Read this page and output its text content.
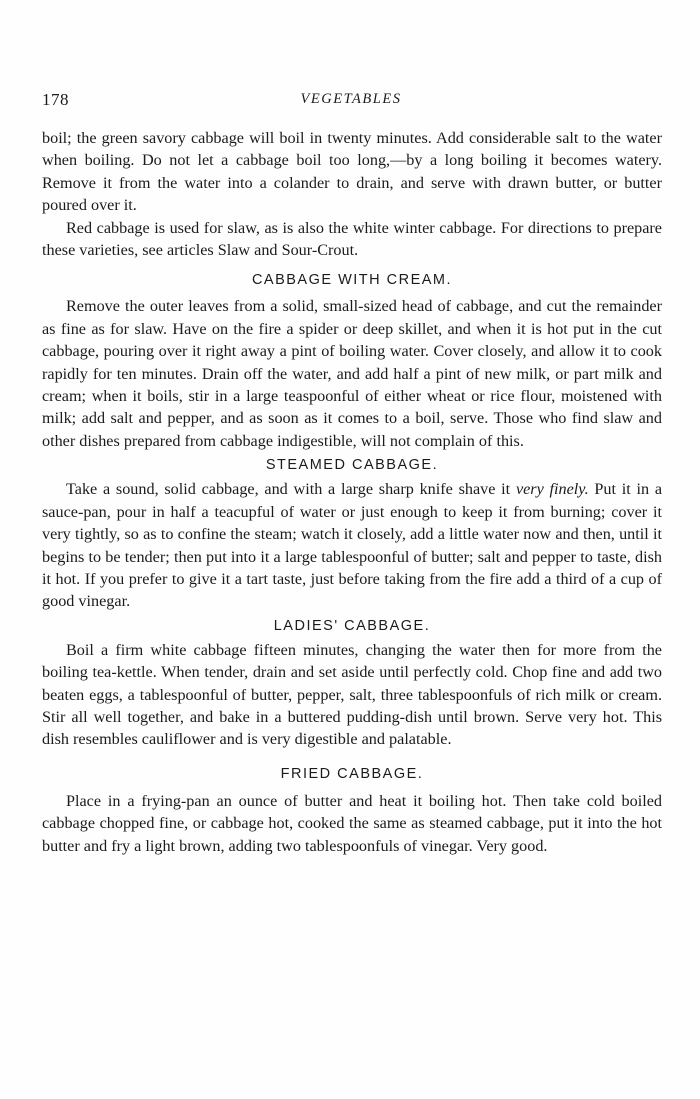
178	VEGETABLES

boil; the green savory cabbage will boil in twenty minutes. Add considerable salt to the water when boiling. Do not let a cabbage boil too long,—by a long boiling it becomes watery. Remove it from the water into a colander to drain, and serve with drawn butter, or butter poured over it.

Red cabbage is used for slaw, as is also the white winter cabbage. For directions to prepare these varieties, see articles Slaw and Sour-Crout.

CABBAGE WITH CREAM.

Remove the outer leaves from a solid, small-sized head of cabbage, and cut the remainder as fine as for slaw. Have on the fire a spider or deep skillet, and when it is hot put in the cut cabbage, pouring over it right away a pint of boiling water. Cover closely, and allow it to cook rapidly for ten minutes. Drain off the water, and add half a pint of new milk, or part milk and cream; when it boils, stir in a large teaspoonful of either wheat or rice flour, moistened with milk; add salt and pepper, and as soon as it comes to a boil, serve. Those who find slaw and other dishes prepared from cabbage indigestible, will not complain of this.

STEAMED CABBAGE.

Take a sound, solid cabbage, and with a large sharp knife shave it very finely. Put it in a sauce-pan, pour in half a teacupful of water or just enough to keep it from burning; cover it very tightly, so as to confine the steam; watch it closely, add a little water now and then, until it begins to be tender; then put into it a large tablespoonful of butter; salt and pepper to taste, dish it hot. If you prefer to give it a tart taste, just before taking from the fire add a third of a cup of good vinegar.

LADIES' CABBAGE.

Boil a firm white cabbage fifteen minutes, changing the water then for more from the boiling tea-kettle. When tender, drain and set aside until perfectly cold. Chop fine and add two beaten eggs, a tablespoonful of butter, pepper, salt, three tablespoonfuls of rich milk or cream. Stir all well together, and bake in a buttered pudding-dish until brown. Serve very hot. This dish resembles cauliflower and is very digestible and palatable.

FRIED CABBAGE.

Place in a frying-pan an ounce of butter and heat it boiling hot. Then take cold boiled cabbage chopped fine, or cabbage hot, cooked the same as steamed cabbage, put it into the hot butter and fry a light brown, adding two tablespoonfuls of vinegar. Very good.
